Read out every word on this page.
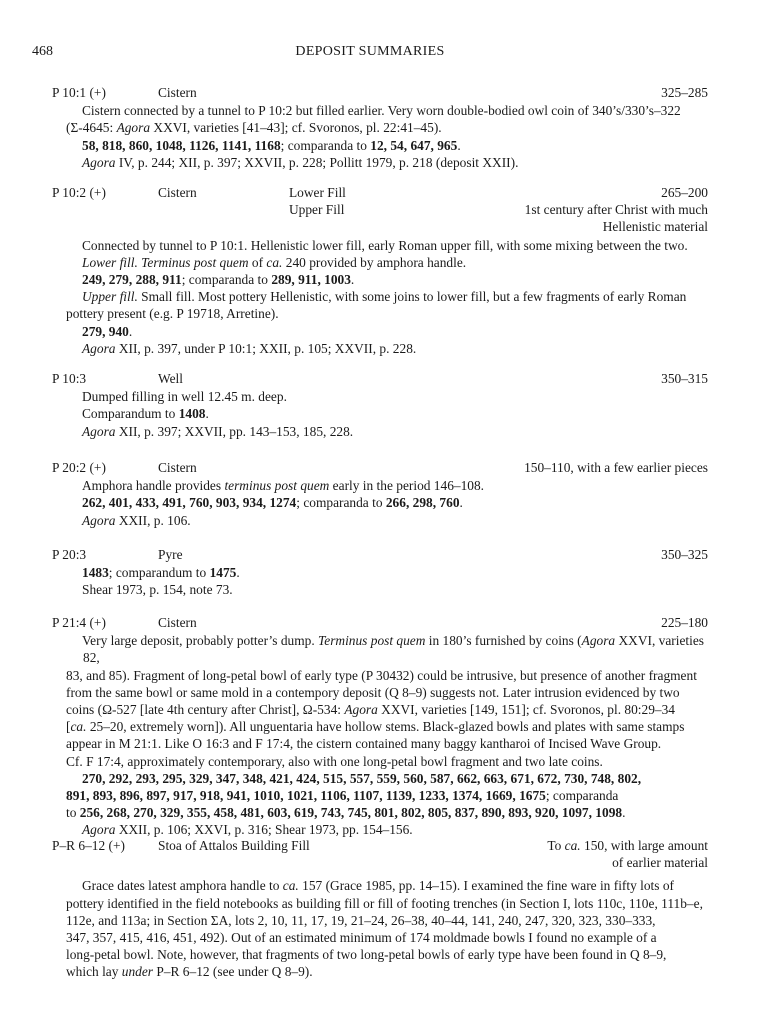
468	DEPOSIT SUMMARIES
P 10:1 (+)	Cistern	325–285

Cistern connected by a tunnel to P 10:2 but filled earlier. Very worn double-bodied owl coin of 340’s/330’s–322

(Σ-4645: Agora XXVI, varieties [41–43]; cf. Svoronos, pl. 22:41–45).

58, 818, 860, 1048, 1126, 1141, 1168; comparanda to 12, 54, 647, 965.

Agora IV, p. 244; XII, p. 397; XXVII, p. 228; Pollitt 1979, p. 218 (deposit XXII).

P 10:2 (+)	Cistern	Lower Fill	265–200
Upper Fill	1st century after Christ with much
Hellenistic material

Connected by tunnel to P 10:1. Hellenistic lower fill, early Roman upper fill, with some mixing between the two.

Lower fill. Terminus post quem of ca. 240 provided by amphora handle.

249, 279, 288, 911; comparanda to 289, 911, 1003.

Upper fill. Small fill. Most pottery Hellenistic, with some joins to lower fill, but a few fragments of early Roman

pottery present (e.g. P 19718, Arretine).

279, 940.

Agora XII, p. 397, under P 10:1; XXII, p. 105; XXVII, p. 228.

P 10:3	Well	350–315

Dumped filling in well 12.45 m. deep.

Comparandum to 1408.

Agora XII, p. 397; XXVII, pp. 143–153, 185, 228.

P 20:2 (+)	Cistern	150–110, with a few earlier pieces

Amphora handle provides terminus post quem early in the period 146–108.

262, 401, 433, 491, 760, 903, 934, 1274; comparanda to 266, 298, 760.

Agora XXII, p. 106.

P 20:3	Pyre	350–325

1483; comparandum to 1475.

Shear 1973, p. 154, note 73.

P 21:4 (+)	Cistern	225–180

Very large deposit, probably potter’s dump. Terminus post quem in 180’s furnished by coins (Agora XXVI, varieties 82,

83, and 85). Fragment of long-petal bowl of early type (P 30432) could be intrusive, but presence of another fragment

from the same bowl or same mold in a contempory deposit (Q 8–9) suggests not. Later intrusion evidenced by two

coins (Ω-527 [late 4th century after Christ], Ω-534: Agora XXVI, varieties [149, 151]; cf. Svoronos, pl. 80:29–34

[ca. 25–20, extremely worn]). All unguentaria have hollow stems. Black-glazed bowls and plates with same stamps

appear in M 21:1. Like O 16:3 and F 17:4, the cistern contained many baggy kantharoi of Incised Wave Group.

Cf. F 17:4, approximately contemporary, also with one long-petal bowl fragment and two late coins.

270, 292, 293, 295, 329, 347, 348, 421, 424, 515, 557, 559, 560, 587, 662, 663, 671, 672, 730, 748, 802,

891, 893, 896, 897, 917, 918, 941, 1010, 1021, 1106, 1107, 1139, 1233, 1374, 1669, 1675; comparanda

to 256, 268, 270, 329, 355, 458, 481, 603, 619, 743, 745, 801, 802, 805, 837, 890, 893, 920, 1097, 1098.

Agora XXII, p. 106; XXVI, p. 316; Shear 1973, pp. 154–156.

P–R 6–12 (+) Stoa of Attalos Building Fill	To ca. 150, with large amount
of earlier material

Grace dates latest amphora handle to ca. 157 (Grace 1985, pp. 14–15). I examined the fine ware in fifty lots of

pottery identified in the field notebooks as building fill or fill of footing trenches (in Section I, lots 110c, 110e, 111b–e,

112e, and 113a; in Section ΣA, lots 2, 10, 11, 17, 19, 21–24, 26–38, 40–44, 141, 240, 247, 320, 323, 330–333,

347, 357, 415, 416, 451, 492). Out of an estimated minimum of 174 moldmade bowls I found no example of a

long-petal bowl. Note, however, that fragments of two long-petal bowls of early type have been found in Q 8–9,

which lay under P–R 6–12 (see under Q 8–9).
